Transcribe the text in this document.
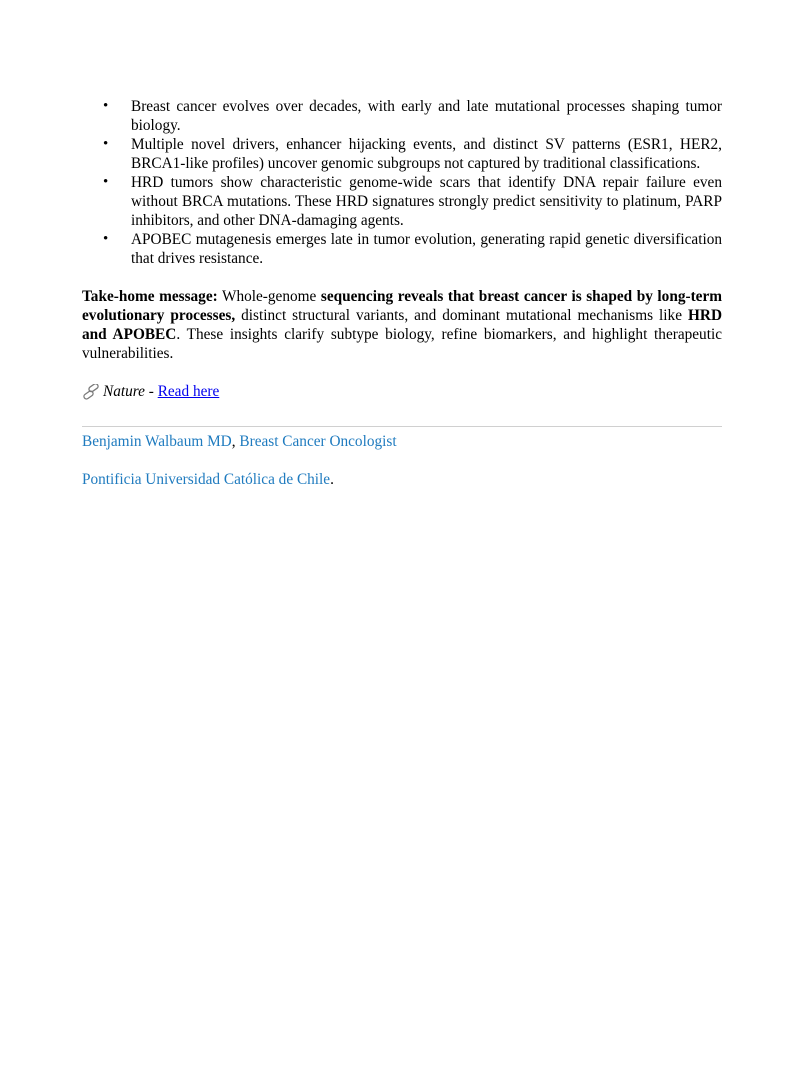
• Breast cancer evolves over decades, with early and late mutational processes shaping tumor biology.
• Multiple novel drivers, enhancer hijacking events, and distinct SV patterns (ESR1, HER2, BRCA1-like profiles) uncover genomic subgroups not captured by traditional classifications.
• HRD tumors show characteristic genome-wide scars that identify DNA repair failure even without BRCA mutations. These HRD signatures strongly predict sensitivity to platinum, PARP inhibitors, and other DNA-damaging agents.
• APOBEC mutagenesis emerges late in tumor evolution, generating rapid genetic diversification that drives resistance.

Take-home message: Whole-genome sequencing reveals that breast cancer is shaped by long-term evolutionary processes, distinct structural variants, and dominant mutational mechanisms like HRD and APOBEC. These insights clarify subtype biology, refine biomarkers, and highlight therapeutic vulnerabilities.

Nature - Read here
Benjamin Walbaum MD, Breast Cancer Oncologist
Pontificia Universidad Católica de Chile.
